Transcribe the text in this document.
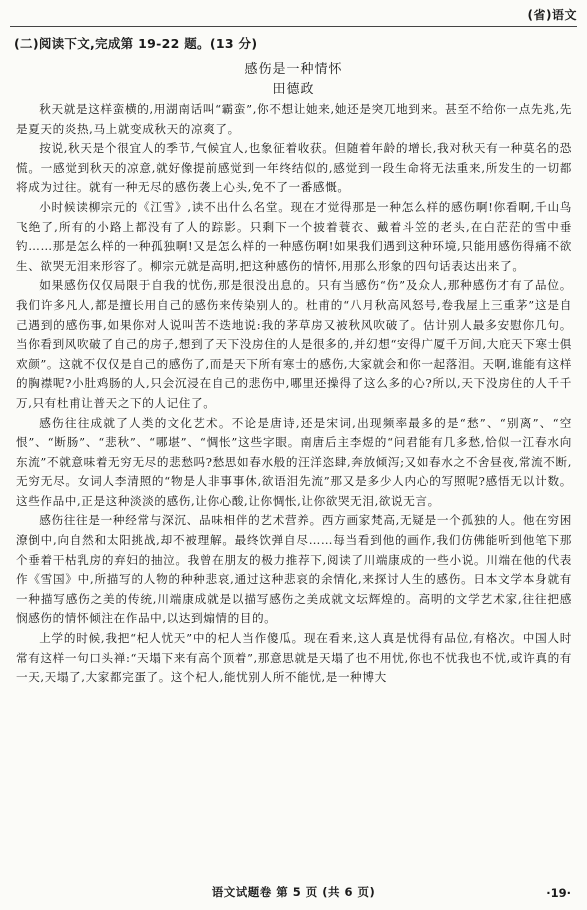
(省)语文
(二)阅读下文,完成第 19-22 题。(13 分)
感伤是一种情怀
田德政

秋天就是这样蛮横的,用湖南话叫“霸蛮”,你不想让她来,她还是突兀地到来。甚至不给你一点先兆,先是夏天的炎热,马上就变成秋天的凉爽了。

按说,秋天是个很宜人的季节,气候宜人,也象征着收获。但随着年龄的增长,我对秋天有一种莫名的恐慌。一感觉到秋天的凉意,就好像提前感觉到一年终结似的,感觉到一段生命将无法重来,所发生的一切都将成为过往。就有一种无尽的感伤袭上心头,免不了一番感慨。

小时候读柳宗元的《江雪》,读不出什么名堂。现在才觉得那是一种怎么样的感伤啊!你看啊,千山鸟飞绝了,所有的小路上都没有了人的踪影。只剩下一个披着蓑衣、戴着斗笠的老头,在白茫茫的雪中垂钓……那是怎么样的一种孤独啊!又是怎么样的一种感伤啊!如果我们遇到这种环境,只能用感伤得痛不欲生、欲哭无泪来形容了。柳宗元就是高明,把这种感伤的情怀,用那么形象的四句话表达出来了。

如果感伤仅仅局限于自我的忧伤,那是很没出息的。只有当感伤“伤”及众人,那种感伤才有了品位。我们许多凡人,都是擅长用自己的感伤来传染别人的。杜甫的“八月秋高风怒号,卷我屋上三重茅”这是自己遇到的感伤事,如果你对人说叫苦不迭地说:我的茅草房又被秋风吹破了。估计别人最多安慰你几句。当你看到风吹破了自己的房子,想到了天下没房住的人是很多的,并幻想“安得广厦千万间,大庇天下寒士俱欢颜”。这就不仅仅是自己的感伤了,而是天下所有寒士的感伤,大家就会和你一起落泪。天啊,谁能有这样的胸襟呢?小肚鸡肠的人,只会沉浸在自己的悲伤中,哪里还操得了这么多的心?所以,天下没房住的人千千万,只有杜甫让普天之下的人记住了。

感伤往往成就了人类的文化艺术。不论是唐诗,还是宋词,出现频率最多的是“愁”、“别离”、“空恨”、“断肠”、“悲秋”、“哪堪”、“惆怅”这些字眼。南唐后主李煜的“问君能有几多愁,恰似一江春水向东流”不就意味着无穷无尽的悲愁吗?愁思如春水般的汪洋恣肆,奔放倾泻;又如春水之不舍昼夜,常流不断,无穷无尽。女词人李清照的“物是人非事事休,欲语泪先流”那又是多少人内心的写照呢?感悟无以计数。这些作品中,正是这种淡淡的感伤,让你心酸,让你惆怅,让你欲哭无泪,欲说无言。

感伤往往是一种经常与深沉、品味相伴的艺术营养。西方画家梵高,无疑是一个孤独的人。他在穷困潦倒中,向自然和太阳挑战,却不被理解。最终饮弹自尽……每当看到他的画作,我们仿佛能听到他笔下那个垂着干枯乳房的弃妇的抽泣。我曾在朋友的极力推荐下,阅读了川端康成的一些小说。川端在他的代表作《雪国》中,所描写的人物的种种悲哀,通过这种悲哀的余情化,来探讨人生的感伤。日本文学本身就有一种描写感伤之美的传统,川端康成就是以描写感伤之美成就文坛辉煌的。高明的文学艺术家,往往把感悯感伤的情怀倾注在作品中,以达到煽情的目的。

上学的时候,我把“杞人忧天”中的杞人当作傻瓜。现在看来,这人真是忧得有品位,有格次。中国人时常有这样一句口头禅:“天塌下来有高个顶着”,那意思就是天塌了也不用忧,你也不忧我也不忧,或许真的有一天,天塌了,大家都完蛋了。这个杞人,能忧别人所不能忧,是一种博大

语文试题卷 第 5 页 (共 6 页)	·19·
